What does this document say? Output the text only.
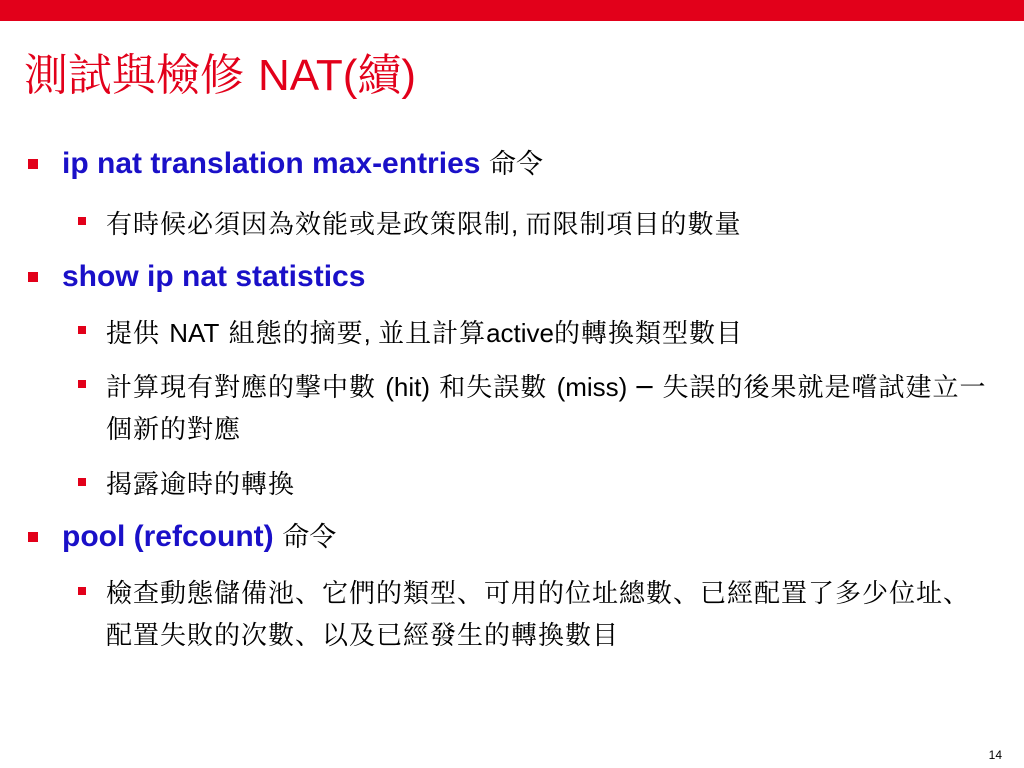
測試與檢修 NAT(續)
ip nat translation max-entries 命令
有時候必須因為效能或是政策限制, 而限制項目的數量
show ip nat statistics
提供 NAT 組態的摘要, 並且計算active的轉換類型數目
計算現有對應的撃中數 (hit) 和失誤數 (miss) ─ 失誤的後果就是嚐試建立一個新的對應
揭露逾時的轉換
pool (refcount) 命令
檢查動態儲備池、它們的類型、可用的位址總數、已經配置了多少位址、配置失敗的次數、以及已經發生的轉換數目
14
